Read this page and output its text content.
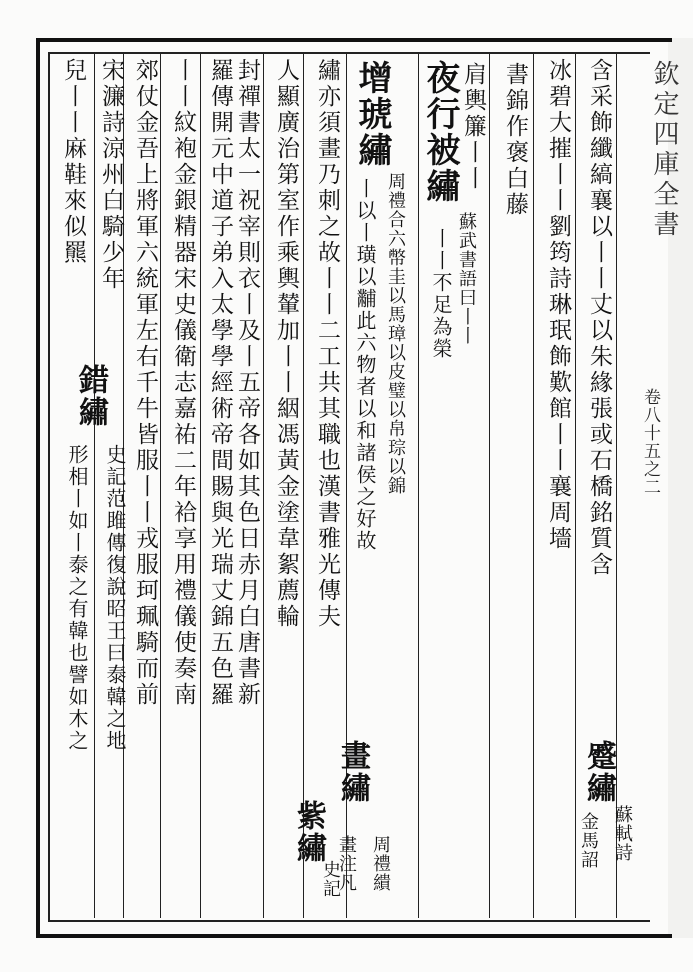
欽定四庫全書
卷八十五之二
含采飾纖縞襄以丨丨丈以朱緣張或石橋銘質含
冰碧大摧丨丨劉筠詩琳珉飾歎館丨丨襄周墻
書錦作褒白藤
肩輿簾丨丨
夜行被繡
蘇武書語曰丨丨
丨丨不足為榮
增琥繡
周禮合六幣圭以馬璋以皮璧以帛琮以錦
丨以丨璜以黼此六物者以和諸侯之好故
繡亦須畫乃刺之故丨丨二工共其職也漢書雅光傳夫
人顯廣治第室作乘輿輦加丨丨絪馮黃金塗韋絮薦輪
畫繡
周禮繢
畫注凡
紫繡
史記
封禪書太一祝宰則衣丨及丨五帝各如其色日赤月白唐書新
羅傳開元中道子弟入太學學經術帝間賜與光瑞丈錦五色羅
丨丨紋袍金銀精器宋史儀衛志嘉祐二年袷享用禮儀使奏南
郊仗金吾上將軍六統軍左右千牛皆服丨丨戎服珂珮騎而前
宋濂詩涼州白騎少年
兒丨丨麻鞋來似羆
錯繡
形相丨如丨泰之有韓也譬如木之 史記范雎傳復說昭王曰泰韓之地
蹙繡
蘇軾詩
金馬詔
